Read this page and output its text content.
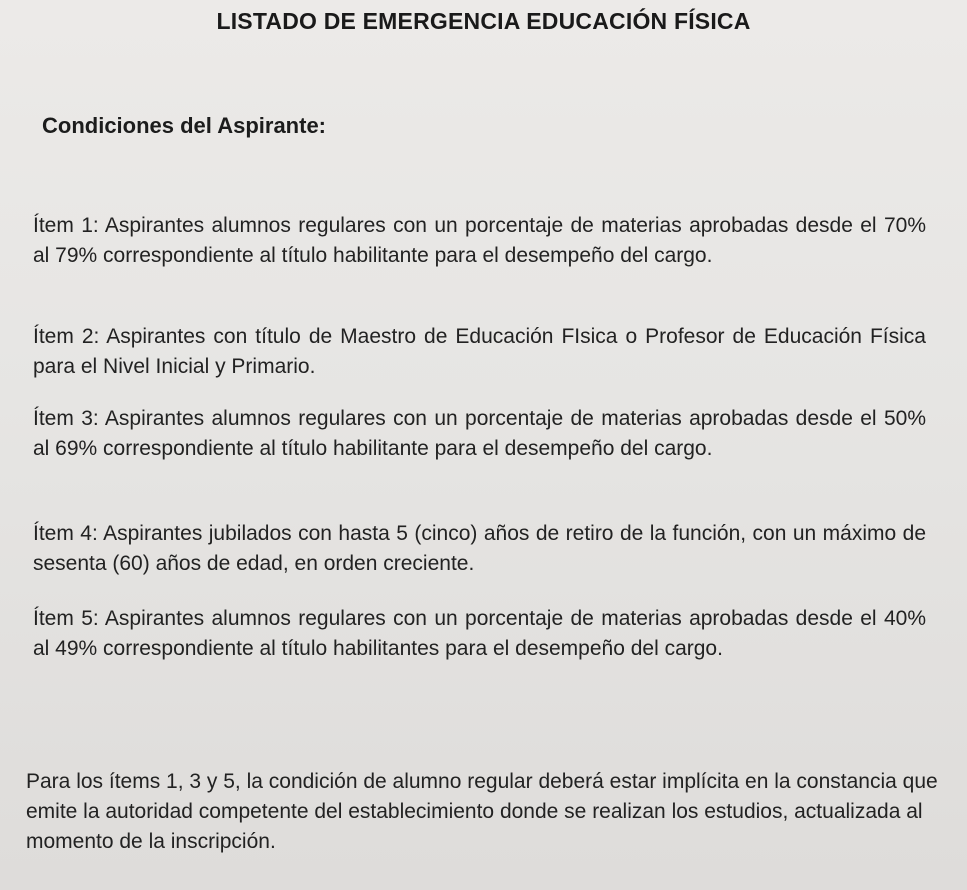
LISTADO DE EMERGENCIA EDUCACIÓN FÍSICA
Condiciones del Aspirante:
Ítem 1: Aspirantes alumnos regulares con un porcentaje de materias aprobadas desde el 70% al 79% correspondiente al título habilitante para el desempeño del cargo.
Ítem 2: Aspirantes con título de Maestro de Educación FIsica o Profesor de Educación Física para el Nivel Inicial y Primario.
Ítem 3: Aspirantes alumnos regulares con un porcentaje de materias aprobadas desde el 50% al 69% correspondiente al título habilitante para el desempeño del cargo.
Ítem 4: Aspirantes jubilados con hasta 5 (cinco) años de retiro de la función, con un máximo de sesenta (60) años de edad, en orden creciente.
Ítem 5: Aspirantes alumnos regulares con un porcentaje de materias aprobadas desde el 40% al 49% correspondiente al título habilitantes para el desempeño del cargo.
Para los ítems 1, 3 y 5, la condición de alumno regular deberá estar implícita en la constancia que emite la autoridad competente del establecimiento donde se realizan los estudios, actualizada al momento de la inscripción.
